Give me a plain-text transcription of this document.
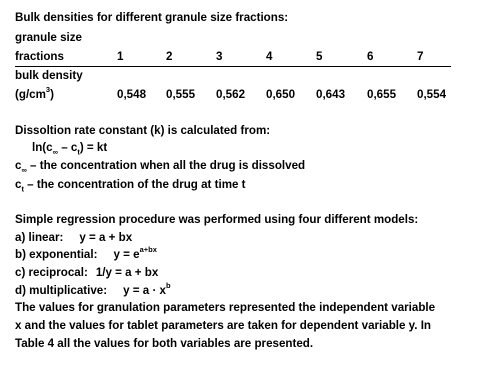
Bulk densities for different granule size fractions:
granule size
fractions	1	2	3	4	5	6	7
bulk density
$(g/cm^3)$	0,548 0,555 0,562 0,650 0,643 0,655 0,554
Dissoltion rate constant (k) is calculated from:
$\ln(c_\infty - c_t)$ = kt
$c_\infty$ – the concentration when all the drug is dissolved
$c_t$ – the concentration of the drug at time t
Simple regression procedure was performed using four different models:
a) linear: y = a + bx
b) exponential: $y = e^{a+bx}$
c) reciprocal: 1/y = a + bx
d) multiplicative: $y = a \cdot x^b$
The values for granulation parameters represented the independent variable
x and the values for tablet parameters are taken for dependent variable y. In
Table 4 all the values for both variables are presented.
